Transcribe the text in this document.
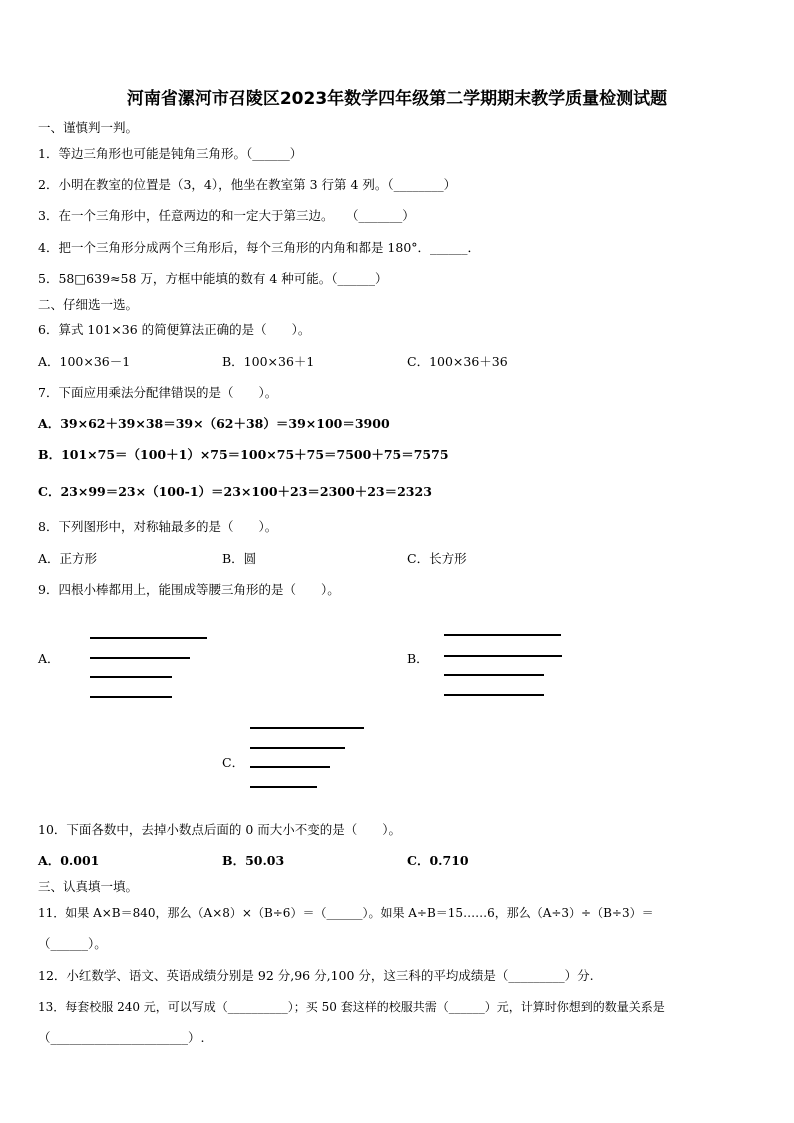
河南省漯河市召陵区2023年数学四年级第二学期期末教学质量检测试题
一、谨慎判一判。
1．等边三角形也可能是钝角三角形。（______）
2．小明在教室的位置是（3，4），他坐在教室第 3 行第 4 列。（________）
3．在一个三角形中，任意两边的和一定大于第三边。　　（_______）
4．把一个三角形分成两个三角形后，每个三角形的内角和都是 180°．______．
5．58□639≈58 万，方框中能填的数有 4 种可能。（______）
二、仔细选一选。
6．算式 101×36 的简便算法正确的是（　　）。
A．100×36－1	B．100×36＋1	C．100×36＋36
7．下面应用乘法分配律错误的是（　　）。
A．39×62＋39×38＝39×（62＋38）＝39×100＝3900
B．101×75＝（100＋1）×75＝100×75＋75＝7500＋75＝7575
C．23×99＝23×（100-1）＝23×100＋23＝2300＋23＝2323
8．下列图形中，对称轴最多的是（　　）。
A．正方形	B．圆	C．长方形
9．四根小棒都用上，能围成等腰三角形的是（　　）。
A．	B．
C．
10．下面各数中，去掉小数点后面的 0 而大小不变的是（　　）。
A．0.001	B．50.03	C．0.710
三、认真填一填。
11．如果 A×B＝840，那么（A×8）×（B÷6）＝（______）。如果 A÷B＝15……6，那么（A÷3）÷（B÷3）＝
（______）。
12．小红数学、语文、英语成绩分别是 92 分,96 分,100 分，这三科的平均成绩是（_________）分.
13．每套校服 240 元，可以写成（__________）；买 50 套这样的校服共需（______）元，计算时你想到的数量关系是
（______________________）.
